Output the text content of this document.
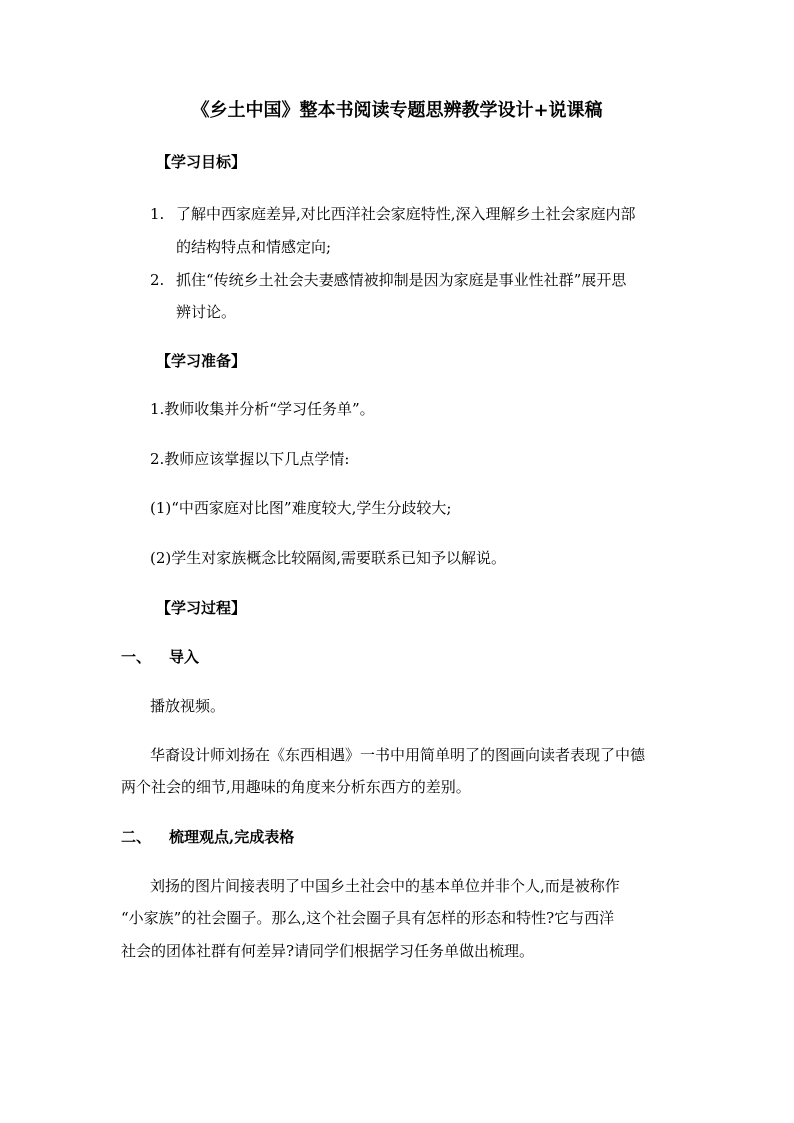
《乡土中国》整本书阅读专题思辨教学设计+说课稿
【学习目标】
1. 了解中西家庭差异,对比西洋社会家庭特性,深入理解乡土社会家庭内部
的结构特点和情感定向;
2. 抓住“传统乡土社会夫妻感情被抑制是因为家庭是事业性社群”展开思
辨讨论。
【学习准备】
1.教师收集并分析“学习任务单”。
2.教师应该掌握以下几点学情:
(1)“中西家庭对比图”难度较大,学生分歧较大;
(2)学生对家族概念比较隔阂,需要联系已知予以解说。
【学习过程】
一、 导入
播放视频。
华裔设计师刘扬在《东西相遇》一书中用简单明了的图画向读者表现了中德
两个社会的细节,用趣味的角度来分析东西方的差别。
二、 梳理观点,完成表格
刘扬的图片间接表明了中国乡土社会中的基本单位并非个人,而是被称作
“小家族”的社会圈子。那么,这个社会圈子具有怎样的形态和特性?它与西洋
社会的团体社群有何差异?请同学们根据学习任务单做出梳理。
